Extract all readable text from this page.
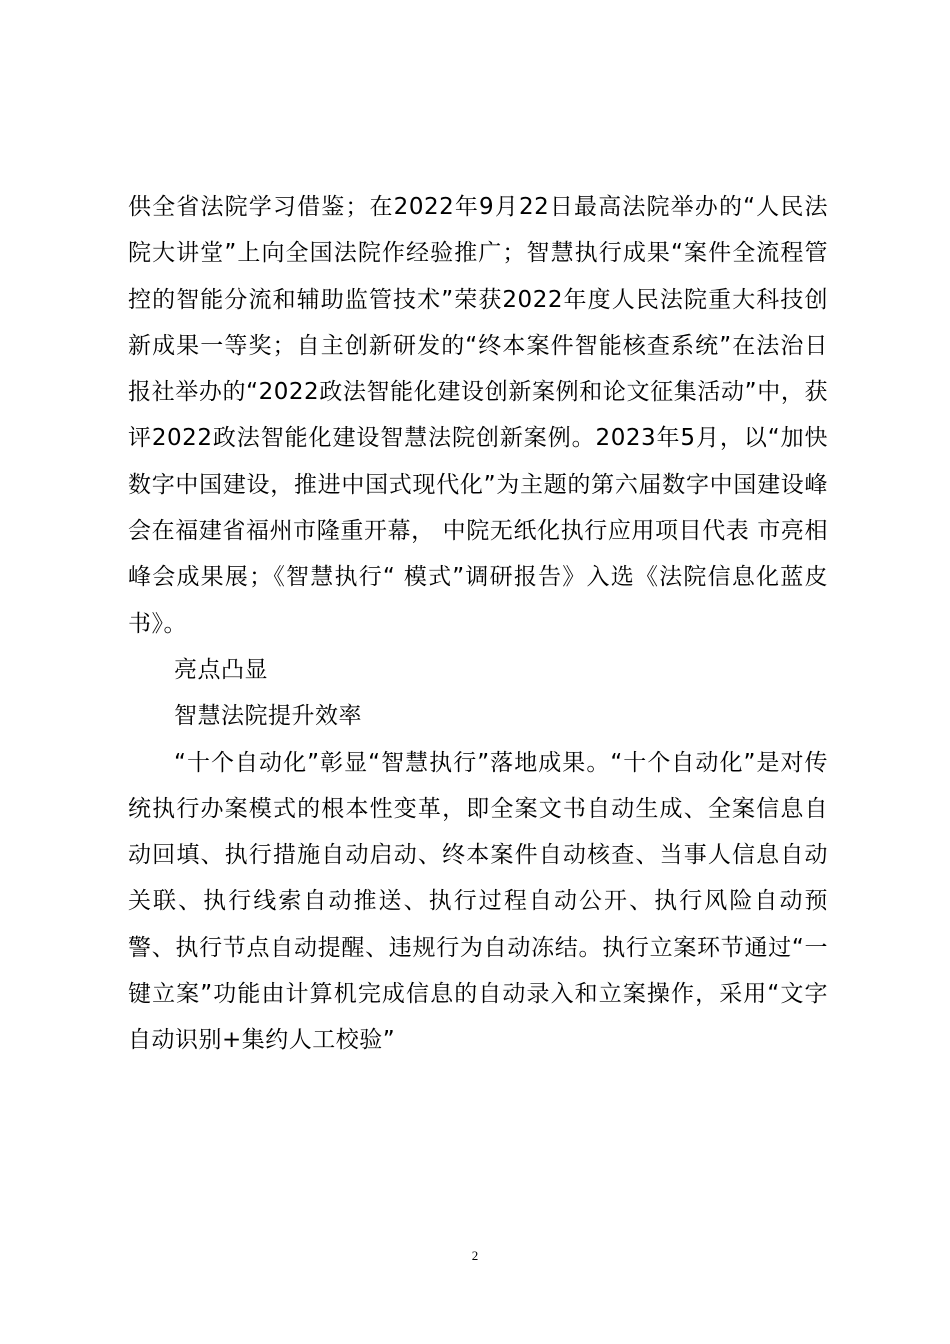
供全省法院学习借鉴；在2022年9月22日最高法院举办的“人民法院大讲堂”上向全国法院作经验推广；智慧执行成果“案件全流程管控的智能分流和辅助监管技术”荣获2022年度人民法院重大科技创新成果一等奖；自主创新研发的“终本案件智能核查系统”在法治日报社举办的“2022政法智能化建设创新案例和论文征集活动”中，获评2022政法智能化建设智慧法院创新案例。2023年5月，以“加快数字中国建设，推进中国式现代化”为主题的第六届数字中国建设峰会在福建省福州市隆重开幕， 中院无纸化执行应用项目代表 市亮相峰会成果展；《智慧执行“ 模式”调研报告》入选《法院信息化蓝皮书》。

亮点凸显

智慧法院提升效率

“十个自动化”彰显“智慧执行”落地成果。“十个自动化”是对传统执行办案模式的根本性变革，即全案文书自动生成、全案信息自动回填、执行措施自动启动、终本案件自动核查、当事人信息自动关联、执行线索自动推送、执行过程自动公开、执行风险自动预警、执行节点自动提醒、违规行为自动冻结。执行立案环节通过“一键立案”功能由计算机完成信息的自动录入和立案操作，采用“文字自动识别+集约人工校验”

2
